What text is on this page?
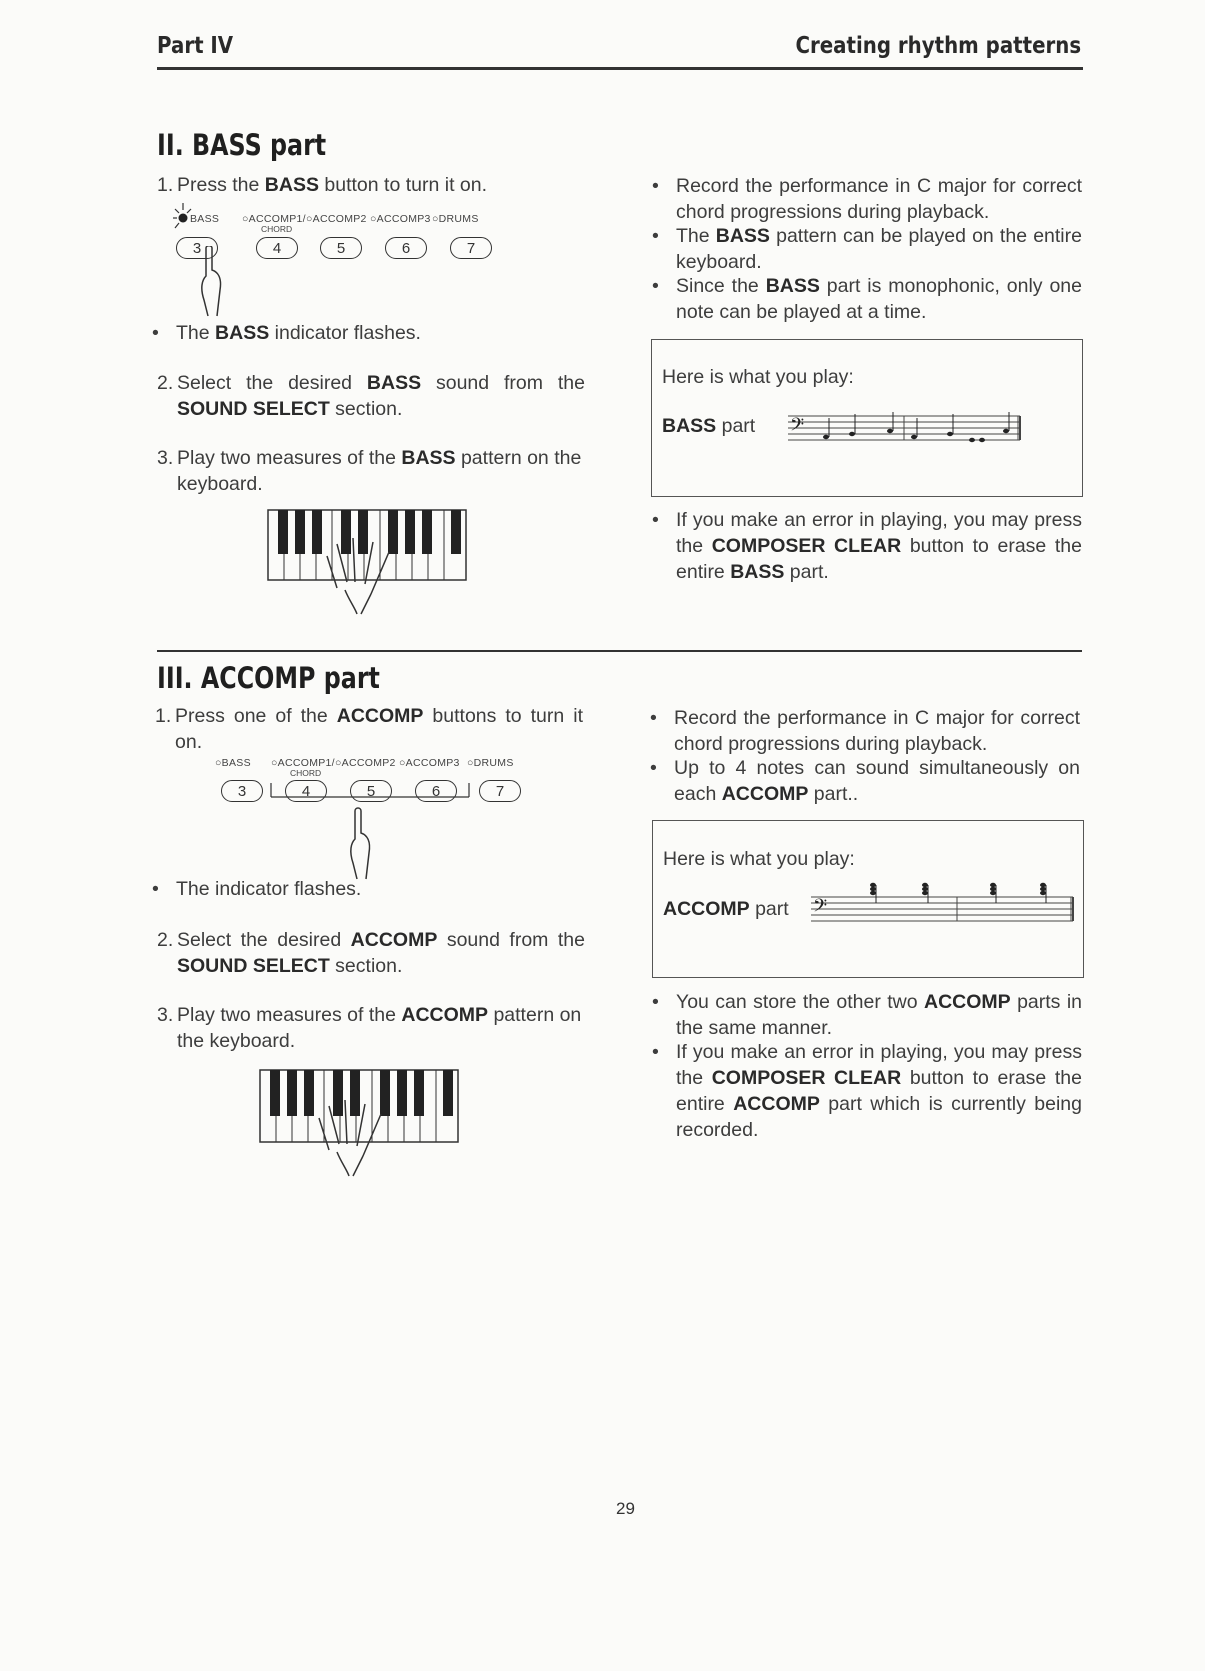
Part IV	Creating rhythm patterns
II. BASS part
1. Press the BASS button to turn it on.
BASS ○ACCOMP1/ ○ACCOMP2 ○ACCOMP3 ○DRUMS
CHORD
3	4	5	6	7
• The BASS indicator flashes.
2. Select the desired BASS sound from the SOUND SELECT section.
3. Play two measures of the BASS pattern on the keyboard.
• Record the performance in C major for correct chord progressions during playback.
• The BASS pattern can be played on the entire keyboard.
• Since the BASS part is monophonic, only one note can be played at a time.
Here is what you play:
BASS part 𝄢
• If you make an error in playing, you may press the COMPOSER CLEAR button to erase the entire BASS part.
III. ACCOMP part
1. Press one of the ACCOMP buttons to turn it on.
○BASS ○ACCOMP1/ ○ACCOMP2 ○ACCOMP3 ○DRUMS
CHORD
3	4	5	6	7
• The indicator flashes.
2. Select the desired ACCOMP sound from the SOUND SELECT section.
3. Play two measures of the ACCOMP pattern on the keyboard.
• Record the performance in C major for correct chord progressions during playback.
• Up to 4 notes can sound simultaneously on each ACCOMP part..
Here is what you play:
ACCOMP part 𝄢
• You can store the other two ACCOMP parts in the same manner.
• If you make an error in playing, you may press the COMPOSER CLEAR button to erase the entire ACCOMP part which is currently being recorded.
29
